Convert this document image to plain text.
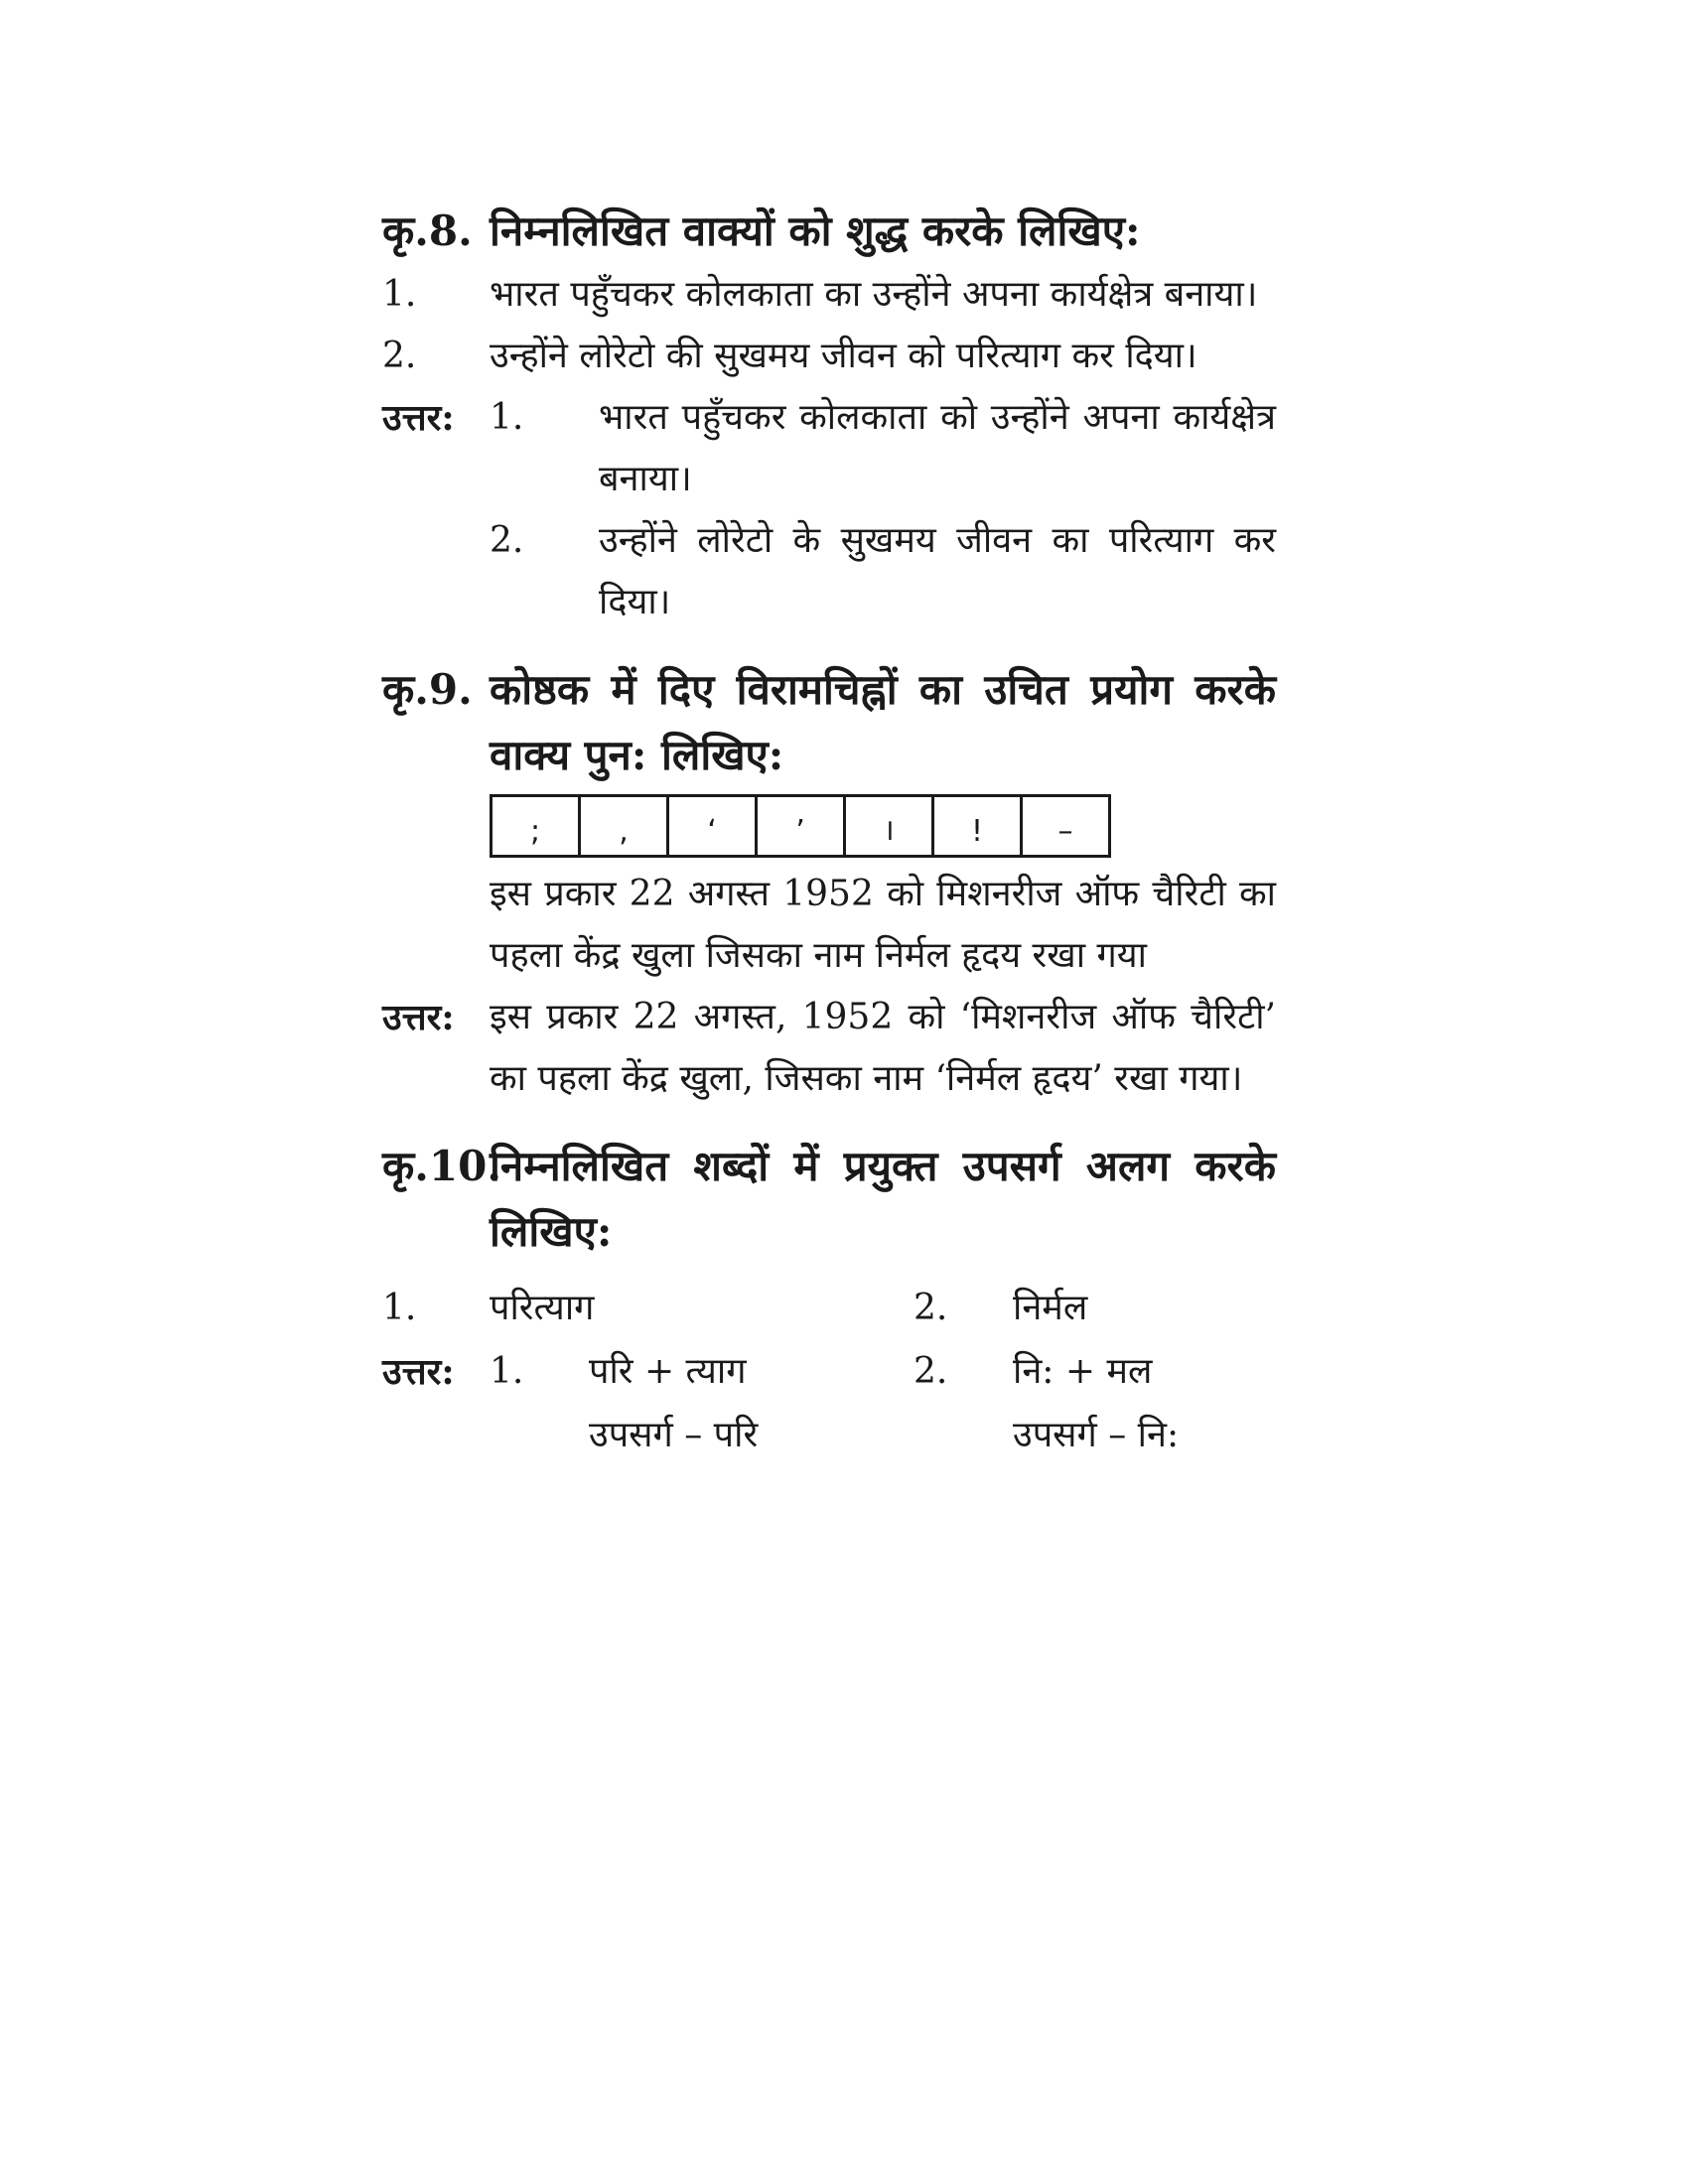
कृ.8. निम्नलिखित वाक्यों को शुद्ध करके लिखिए:
1.	भारत पहुँचकर कोलकाता का उन्होंने अपना कार्यक्षेत्र बनाया।
2.	उन्होंने लोरेटो की सुखमय जीवन को परित्याग कर दिया।
उत्तर: 1.	भारत पहुँचकर कोलकाता को उन्होंने अपना कार्यक्षेत्र बनाया।
2.	उन्होंने लोरेटो के सुखमय जीवन का परित्याग कर दिया।
कृ.9. कोष्ठक में दिए विरामचिह्नों का उचित प्रयोग करके वाक्य पुन: लिखिए:
;	,	‘	’	।	!	–
इस प्रकार 22 अगस्त 1952 को मिशनरीज ऑफ चैरिटी का पहला केंद्र खुला जिसका नाम निर्मल हृदय रखा गया
उत्तर: इस प्रकार 22 अगस्त, 1952 को ‘मिशनरीज ऑफ चैरिटी’ का पहला केंद्र खुला, जिसका नाम ‘निर्मल हृदय’ रखा गया।
कृ.10.
निम्नलिखित शब्दों में प्रयुक्त उपसर्ग अलग करके लिखिए:
1.	परित्याग	2.	निर्मल
उत्तर: 1.	परि + त्याग	2.	नि: + मल
उपसर्ग – परि	उपसर्ग – नि:
